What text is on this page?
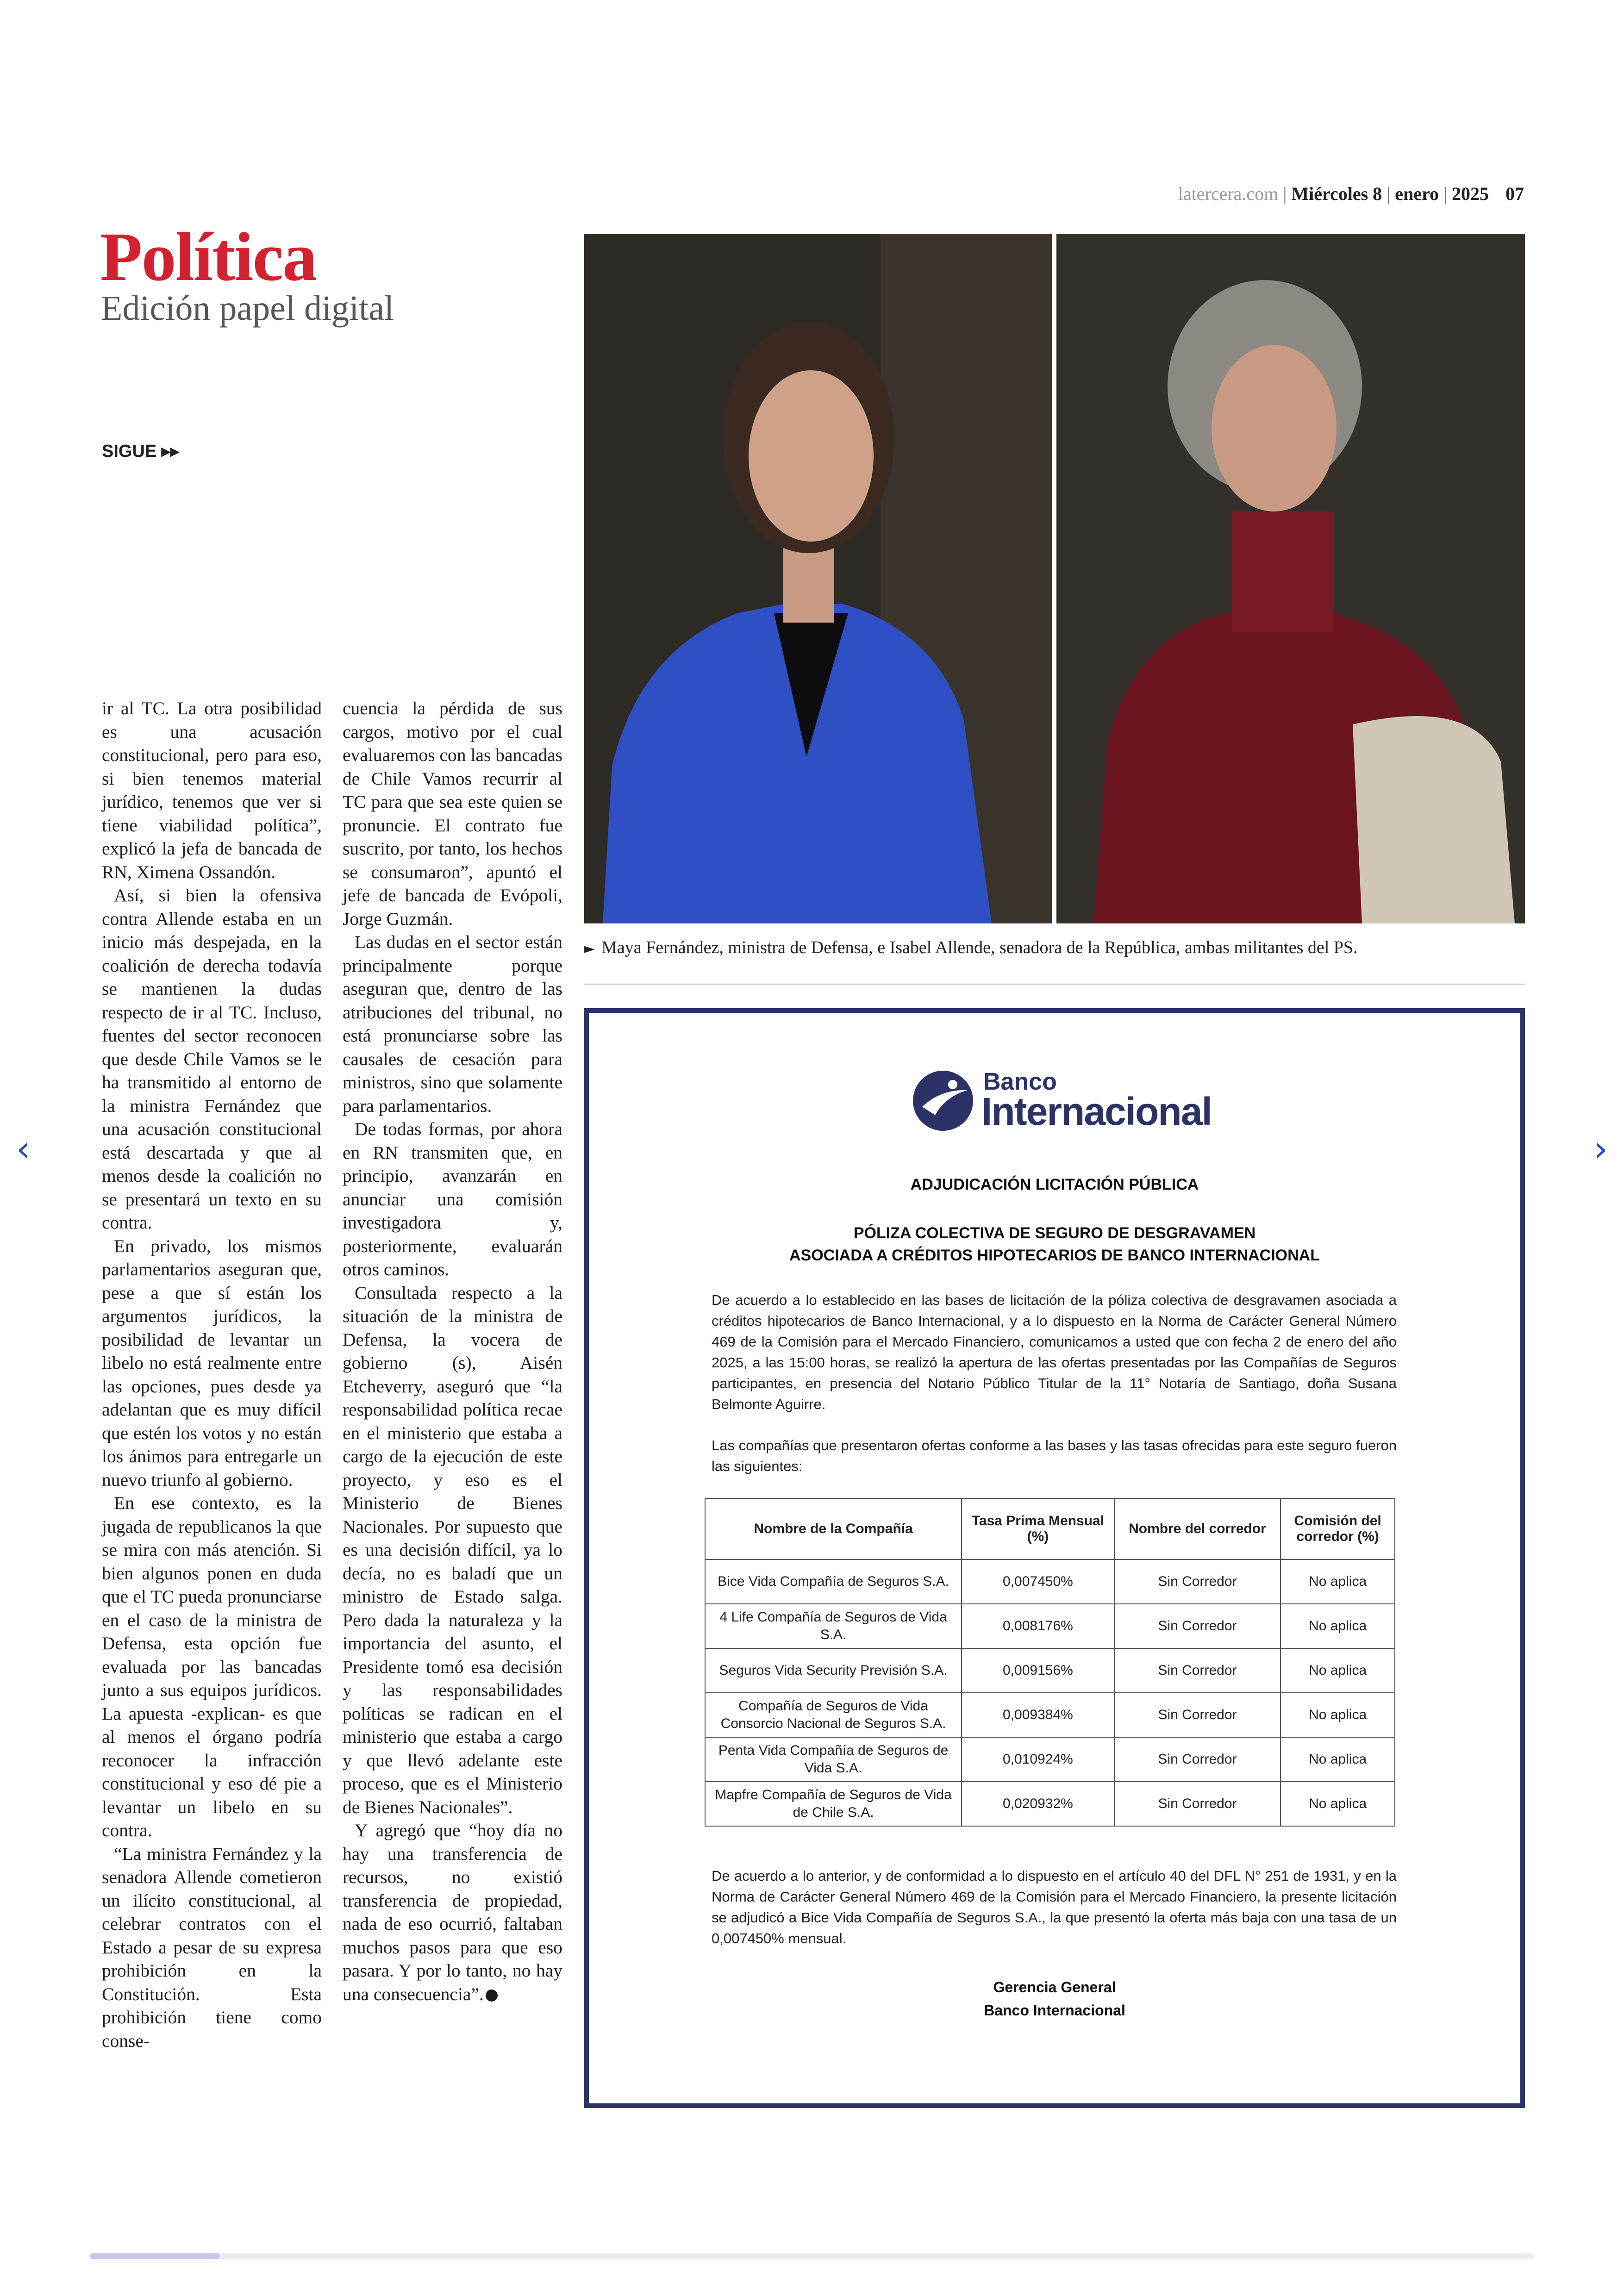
latercera.com | Miércoles 8 | enero | 2025 07
Política
Edición papel digital
SIGUE ▸▸

ir al TC. La otra posibilidad es una acusación constitucional, pero para eso, si bien tenemos material jurídico, tenemos que ver si tiene viabilidad política”, explicó la jefa de bancada de RN, Ximena Ossandón.

Así, si bien la ofensiva contra Allende estaba en un inicio más despejada, en la coalición de derecha todavía se mantienen la dudas respecto de ir al TC. Incluso, fuentes del sector reconocen que desde Chile Vamos se le ha transmitido al entorno de la ministra Fernández que una acusación constitucional está descartada y que al menos desde la coalición no se presentará un texto en su contra.

En privado, los mismos parlamentarios aseguran que, pese a que sí están los argumentos jurídicos, la posibilidad de levantar un libelo no está realmente entre las opciones, pues desde ya adelantan que es muy difícil que estén los votos y no están los ánimos para entregarle un nuevo triunfo al gobierno.

En ese contexto, es la jugada de republicanos la que se mira con más atención. Si bien algunos ponen en duda que el TC pueda pronunciarse en el caso de la ministra de Defensa, esta opción fue evaluada por las bancadas junto a sus equipos jurídicos. La apuesta -explican- es que al menos el órgano podría reconocer la infracción constitucional y eso dé pie a levantar un libelo en su contra.

“La ministra Fernández y la senadora Allende cometieron un ilícito constitucional, al celebrar contratos con el Estado a pesar de su expresa prohibición en la Constitución. Esta prohibición tiene como conse-

cuencia la pérdida de sus cargos, motivo por el cual evaluaremos con las bancadas de Chile Vamos recurrir al TC para que sea este quien se pronuncie. El contrato fue suscrito, por tanto, los hechos se consumaron”, apuntó el jefe de bancada de Evópoli, Jorge Guzmán.

Las dudas en el sector están principalmente porque aseguran que, dentro de las atribuciones del tribunal, no está pronunciarse sobre las causales de cesación para ministros, sino que solamente para parlamentarios.

De todas formas, por ahora en RN transmiten que, en principio, avanzarán en anunciar una comisión investigadora y, posteriormente, evaluarán otros caminos.

Consultada respecto a la situación de la ministra de Defensa, la vocera de gobierno (s), Aisén Etcheverry, aseguró que “la responsabilidad política recae en el ministerio que estaba a cargo de la ejecución de este proyecto, y eso es el Ministerio de Bienes Nacionales. Por supuesto que es una decisión difícil, ya lo decía, no es baladí que un ministro de Estado salga. Pero dada la naturaleza y la importancia del asunto, el Presidente tomó esa decisión y las responsabilidades políticas se radican en el ministerio que estaba a cargo y que llevó adelante este proceso, que es el Ministerio de Bienes Nacionales”.

Y agregó que “hoy día no hay una transferencia de recursos, no existió transferencia de propiedad, nada de eso ocurrió, faltaban muchos pasos para que eso pasara. Y por lo tanto, no hay una consecuencia”.

► Maya Fernández, ministra de Defensa, e Isabel Allende, senadora de la República, ambas militantes del PS.
Banco
Internacional
ADJUDICACIÓN LICITACIÓN PÚBLICA
PÓLIZA COLECTIVA DE SEGURO DE DESGRAVAMEN
ASOCIADA A CRÉDITOS HIPOTECARIOS DE BANCO INTERNACIONAL
De acuerdo a lo establecido en las bases de licitación de la póliza colectiva de desgravamen asociada a créditos hipotecarios de Banco Internacional, y a lo dispuesto en la Norma de Carácter General Número 469 de la Comisión para el Mercado Financiero, comunicamos a usted que con fecha 2 de enero del año 2025, a las 15:00 horas, se realizó la apertura de las ofertas presentadas por las Compañías de Seguros participantes, en presencia del Notario Público Titular de la 11° Notaría de Santiago, doña Susana Belmonte Aguirre.
Las compañías que presentaron ofertas conforme a las bases y las tasas ofrecidas para este seguro fueron las siguientes:
Nombre de la Compañía	Tasa Prima Mensual (%)	Nombre del corredor	Comisión del corredor (%)
Bice Vida Compañía de Seguros S.A.	0,007450%	Sin Corredor	No aplica
4 Life Compañía de Seguros de Vida S.A.	0,008176%	Sin Corredor	No aplica
Seguros Vida Security Previsión S.A.	0,009156%	Sin Corredor	No aplica
Compañía de Seguros de Vida Consorcio Nacional de Seguros S.A.	0,009384%	Sin Corredor	No aplica
Penta Vida Compañía de Seguros de Vida S.A.	0,010924%	Sin Corredor	No aplica
Mapfre Compañía de Seguros de Vida de Chile S.A.	0,020932%	Sin Corredor	No aplica
De acuerdo a lo anterior, y de conformidad a lo dispuesto en el artículo 40 del DFL N° 251 de 1931, y en la Norma de Carácter General Número 469 de la Comisión para el Mercado Financiero, la presente licitación se adjudicó a Bice Vida Compañía de Seguros S.A., la que presentó la oferta más baja con una tasa de un 0,007450% mensual.
Gerencia General
Banco Internacional
‹	›
